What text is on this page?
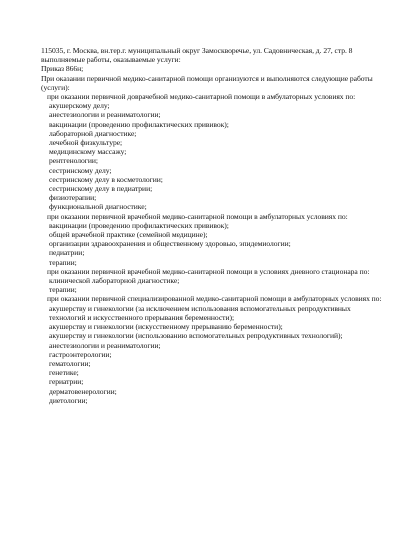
115035, г. Москва, вн.тер.г. муниципальный округ Замоскворечье, ул. Садовническая, д. 27, стр. 8
выполняемые работы, оказываемые услуги:
Приказ 866н;
При оказании первичной медико-санитарной помощи организуются и выполняются следующие работы (услуги):
при оказании первичной доврачебной медико-санитарной помощи в амбулаторных условиях по:
акушерскому делу;
анестезиологии и реаниматологии;
вакцинации (проведению профилактических прививок);
лабораторной диагностике;
лечебной физкультуре;
медицинскому массажу;
рентгенологии;
сестринскому делу;
сестринскому делу в косметологии;
сестринскому делу в педиатрии;
физиотерапии;
функциональной диагностике;
при оказании первичной врачебной медико-санитарной помощи в амбулаторных условиях по:
вакцинации (проведению профилактических прививок);
общей врачебной практике (семейной медицине);
организации здравоохранения и общественному здоровью, эпидемиологии;
педиатрии;
терапии;
при оказании первичной врачебной медико-санитарной помощи в условиях дневного стационара по:
клинической лабораторной диагностике;
терапии;
при оказании первичной специализированной медико-санитарной помощи в амбулаторных условиях по:
акушерству и гинекологии (за исключением использования вспомогательных репродуктивных технологий и искусственного прерывания беременности);
акушерству и гинекологии (искусственному прерыванию беременности);
акушерству и гинекологии (использованию вспомогательных репродуктивных технологий);
анестезиологии и реаниматологии;
гастроэнтерологии;
гематологии;
генетике;
гериатрии;
дерматовенерологии;
диетологии;
